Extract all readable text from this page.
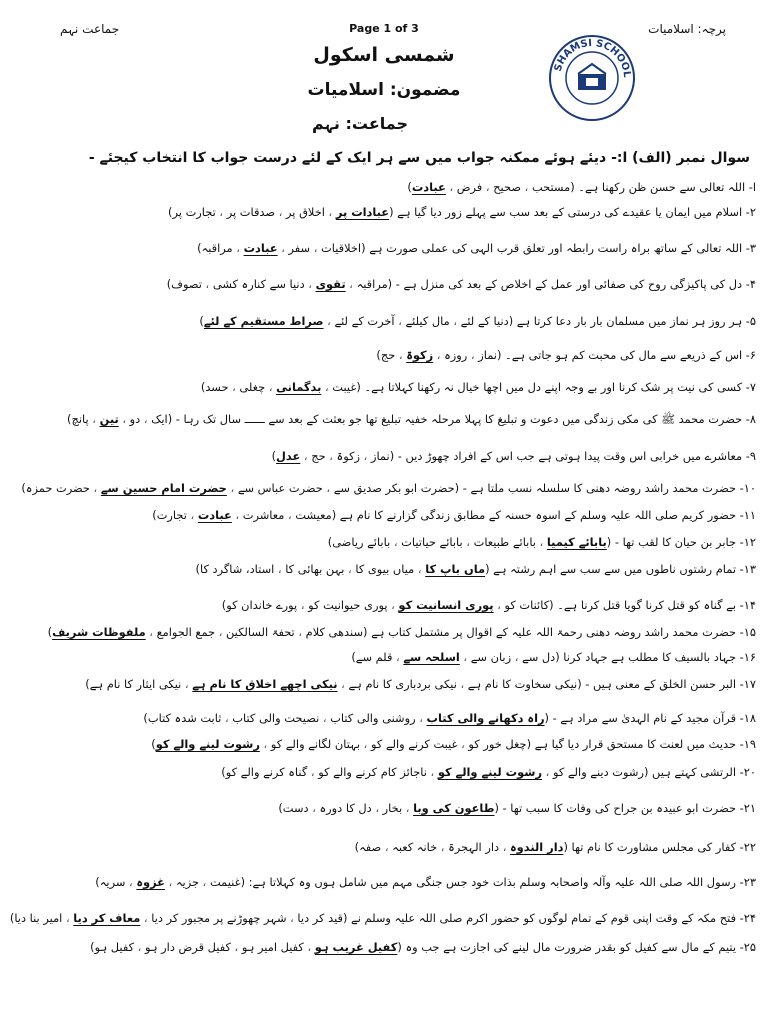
پرچہ: اسلامیات
Page 1 of 3
جماعت نہم
شمسی اسکول
مضمون: اسلامیات
جماعت: نہم
SHAMSI SCHOOL
سوال نمبر (الف) ا:- دیئے ہوئے ممکنہ جواب میں سے ہر ایک کے لئے درست جواب کا انتخاب کیجئے -
ا- اللہ تعالی سے حسن ظن رکھنا ہے۔ (مستحب ، صحیح ، فرض ، عبادت)
۲- اسلام میں ایمان یا عقیدے کی درستی کے بعد سب سے پہلے زور دیا گیا ہے (عبادات پر ، اخلاق پر ، صدقات پر ، تجارت پر)
۳- اللہ تعالی کے ساتھ براہ راست رابطہ اور تعلق قرب الہی کی عملی صورت ہے (اخلاقیات ، سفر ، عبادت ، مراقبہ)
۴- دل کی پاکیزگی روح کی صفائی اور عمل کے اخلاص کے بعد کی منزل ہے - (مراقبہ ، تقوی ، دنیا سے کنارہ کشی ، تصوف)
۵- ہر روز ہر نماز میں مسلمان بار بار دعا کرتا ہے (دنیا کے لئے ، مال کیلئے ، آخرت کے لئے ، صراط مستقیم کے لئے)
۶- اس کے ذریعے سے مال کی محبت کم ہو جاتی ہے۔ (نماز ، روزہ ، زکوۃ ، حج)
۷- کسی کی نیت پر شک کرنا اور بے وجہ اپنے دل میں اچھا خیال نہ رکھنا کہلاتا ہے۔ (غیبت ، بدگمانی ، چغلی ، حسد)
۸- حضرت محمد ﷺ کی مکی زندگی میں دعوت و تبلیغ کا پہلا مرحلہ خفیہ تبلیغ تھا جو بعثت کے بعد سے ــــــ سال تک رہا - (ایک ، دو ، تین ، پانچ)
۹- معاشرے میں خرابی اس وقت پیدا ہوتی ہے جب اس کے افراد چھوڑ دیں - (نماز ، زکوۃ ، حج ، عدل)
۱۰- حضرت محمد راشد روضہ دھنی کا سلسلہ نسب ملتا ہے - (حضرت ابو بکر صدیق سے ، حضرت عباس سے ، حضرت امام حسین سے ، حضرت حمزہ)
۱۱- حضور کریم صلی اللہ علیہ وسلم کے اسوہ حسنہ کے مطابق زندگی گزارنے کا نام ہے (معیشت ، معاشرت ، عبادت ، تجارت)
۱۲- جابر بن حیان کا لقب تھا - (بابائے کیمیا ، بابائے طبیعات ، بابائے حیاتیات ، بابائے ریاضی)
۱۳- تمام رشتوں ناطوں میں سے سب سے اہم رشتہ ہے (ماں باپ کا ، میاں بیوی کا ، بہن بھائی کا ، استاد، شاگرد کا)
۱۴- بے گناہ کو قتل کرنا گویا قتل کرنا ہے۔ (کائنات کو ، پوری انسانیت کو ، پوری حیوانیت کو ، پورے خاندان کو)
۱۵- حضرت محمد راشد روضہ دھنی رحمۃ اللہ علیہ کے اقوال پر مشتمل کتاب ہے (سندھی کلام ، تحفۃ السالکین ، جمع الجوامع ، ملفوظات شریف)
۱۶- جہاد بالسیف کا مطلب ہے جہاد کرنا (دل سے ، زبان سے ، اسلحہ سے ، قلم سے)
۱۷- البر حسن الخلق کے معنی ہیں - (نیکی سخاوت کا نام ہے ، نیکی بردباری کا نام ہے ، نیکی اچھے اخلاق کا نام ہے ، نیکی ایثار کا نام ہے)
۱۸- قرآن مجید کے نام الہدیٰ سے مراد ہے - (راہ دکھانے والی کتاب ، روشنی والی کتاب ، نصیحت والی کتاب ، ثابت شدہ کتاب)
۱۹- حدیث میں لعنت کا مستحق قرار دیا گیا ہے (چغل خور کو ، غیبت کرنے والے کو ، بہتان لگانے والے کو ، رشوت لینے والے کو)
۲۰- الرتشی کہتے ہیں (رشوت دینے والے کو ، رشوت لینے والے کو ، ناجائز کام کرنے والے کو ، گناہ کرنے والے کو)
۲۱- حضرت ابو عبیدہ بن جراح کی وفات کا سبب تھا - (طاعون کی وبا ، بخار ، دل کا دورہ ، دست)
۲۲- کفار کی مجلس مشاورت کا نام تھا (دار الندوہ ، دار الہجرۃ ، خانہ کعبہ ، صفہ)
۲۳- رسول اللہ صلی اللہ علیہ وآلہ واصحابہ وسلم بذات خود جس جنگی مہم میں شامل ہوں وہ کہلاتا ہے: (غنیمت ، جزیہ ، غزوہ ، سریہ)
۲۴- فتح مکہ کے وقت اپنی قوم کے تمام لوگوں کو حضور اکرم صلی اللہ علیہ وسلم نے (قید کر دیا ، شہر چھوڑنے پر مجبور کر دیا ، معاف کر دیا ، امیر بنا دیا)
۲۵- یتیم کے مال سے کفیل کو بقدر ضرورت مال لینے کی اجازت ہے جب وہ (کفیل غریب ہو ، کفیل امیر ہو ، کفیل قرض دار ہو ، کفیل ہو)
